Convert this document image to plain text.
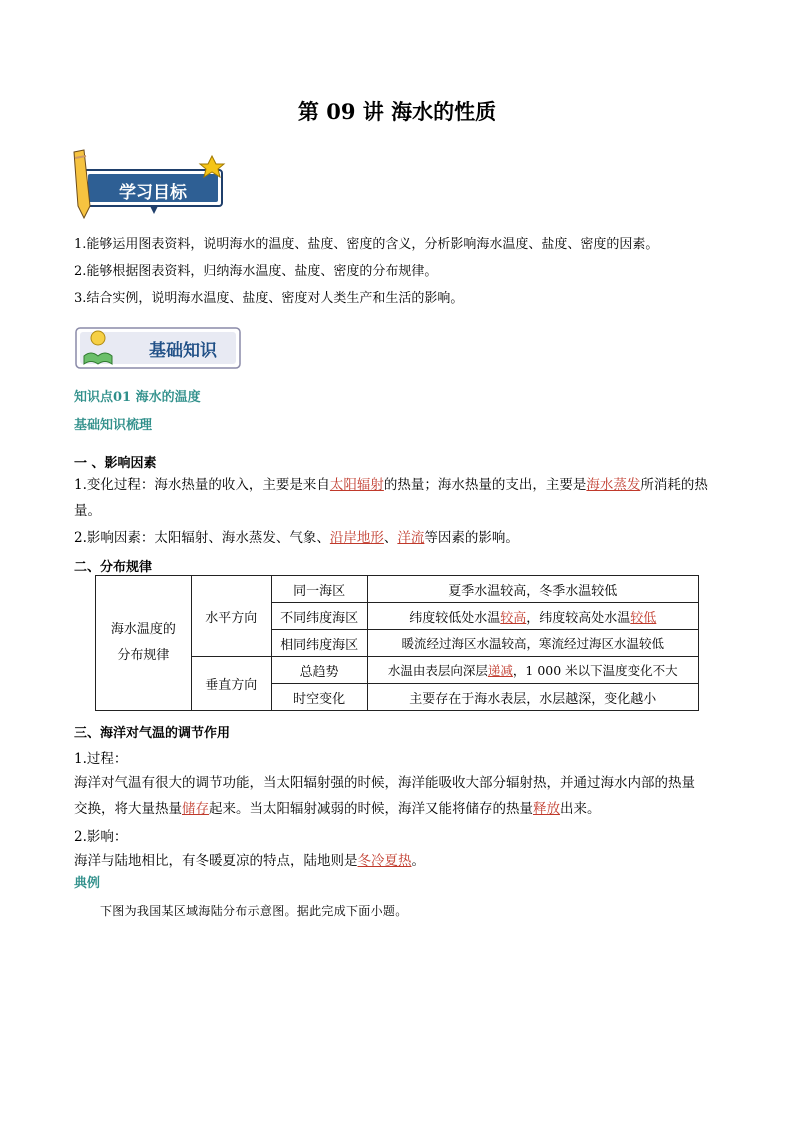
第 09 讲 海水的性质
学习目标
1.能够运用图表资料，说明海水的温度、盐度、密度的含义，分析影响海水温度、盐度、密度的因素。
2.能够根据图表资料，归纳海水温度、盐度、密度的分布规律。
3.结合实例，说明海水温度、盐度、密度对人类生产和生活的影响。
基础知识
知识点01 海水的温度
基础知识梳理
一 、影响因素
1.变化过程：海水热量的收入，主要是来自太阳辐射的热量；海水热量的支出，主要是海水蒸发所消耗的热
量。
2.影响因素：太阳辐射、海水蒸发、气象、沿岸地形、洋流等因素的影响。
二、分布规律
海水温度的
分布规律	水平方向	同一海区	夏季水温较高，冬季水温较低
		不同纬度海区	纬度较低处水温较高，纬度较高处水温较低
		相同纬度海区	暖流经过海区水温较高，寒流经过海区水温较低
	垂直方向	总趋势	水温由表层向深层递减，1 000 米以下温度变化不大
		时空变化	主要存在于海水表层，水层越深，变化越小
三、海洋对气温的调节作用
1.过程：
海洋对气温有很大的调节功能，当太阳辐射强的时候，海洋能吸收大部分辐射热，并通过海水内部的热量
交换，将大量热量储存起来。当太阳辐射减弱的时候，海洋又能将储存的热量释放出来。
2.影响：
海洋与陆地相比，有冬暖夏凉的特点，陆地则是冬冷夏热。
典例
下图为我国某区域海陆分布示意图。据此完成下面小题。
